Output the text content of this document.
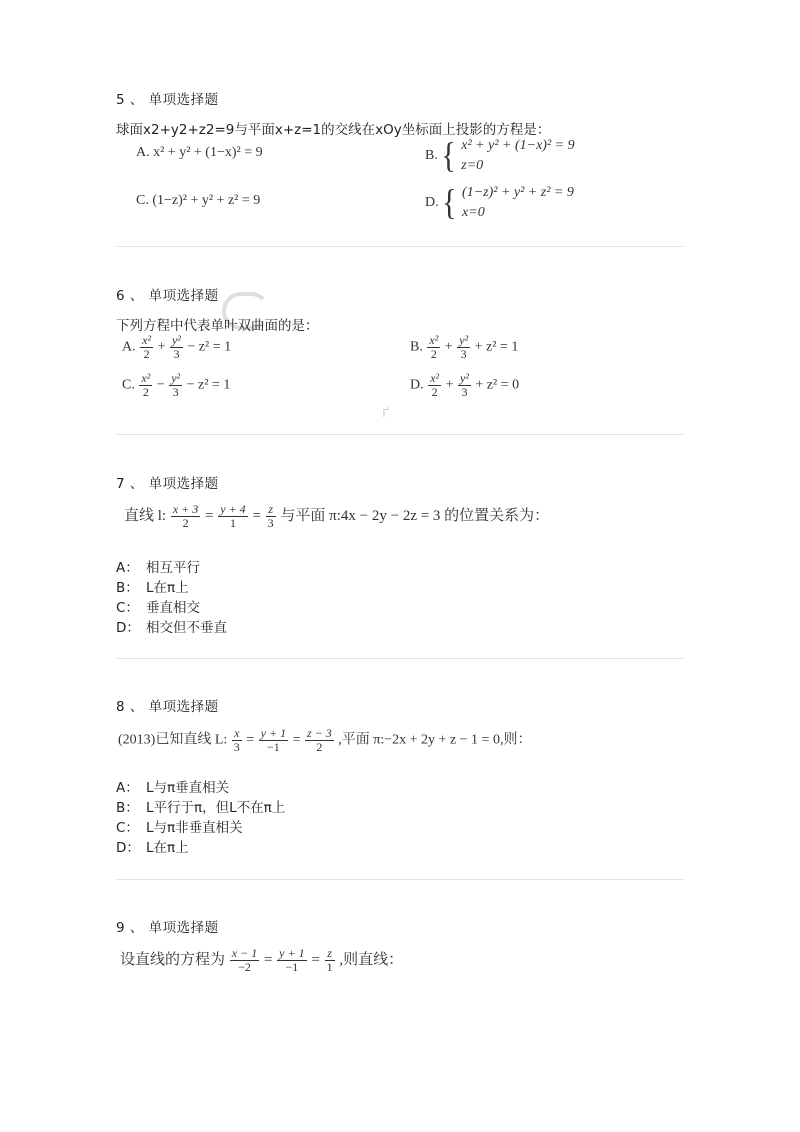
5 、 单项选择题
球面x2+y2+z2=9与平面x+z=1的交线在xOy坐标面上投影的方程是：
A. x² + y² + (1−x)² = 9	B. { x² + y² + (1−x)² = 9
z=0
C. (1−z)² + y² + z² = 9	D. { (1−z)² + y² + z² = 9
x=0
6 、 单项选择题
下列方程中代表单叶双曲面的是：
A. $\frac{\text{x²}}{2} + \frac{\text{y²}}{3} - z^2 = 1$	B. $\frac{\text{x²}}{2} + \frac{\text{y²}}{3} + z^2 = 1$
C. $\frac{\text{x²}}{2} - \frac{\text{y²}}{3} - z^2 = 1$	D. $\frac{\text{x²}}{2} + \frac{\text{y²}}{3} + z^2 = 0$
ґ
7 、 单项选择题
直线 l: $\frac{x + 3}{2} = \frac{y + 4}{1} = \frac{z}{3}$ 与平面 π:4x − 2y − 2z = 3 的位置关系为：
A： 相互平行
B： L在π上
C： 垂直相交
D： 相交但不垂直
8 、 单项选择题
(2013)已知直线 L: $\frac{x}{3} = \frac{y + 1}{-1} = \frac{z - 3}{2}$ ,平面 π:−2x + 2y + z − 1 = 0,则：
A： L与π垂直相关
B： L平行于π，但L不在π上
C： L与π非垂直相关
D： L在π上
9 、 单项选择题
设直线的方程为 $\frac{x - 1}{-2} = \frac{y + 1}{-1} = \frac{z}{1}$ ,则直线：
